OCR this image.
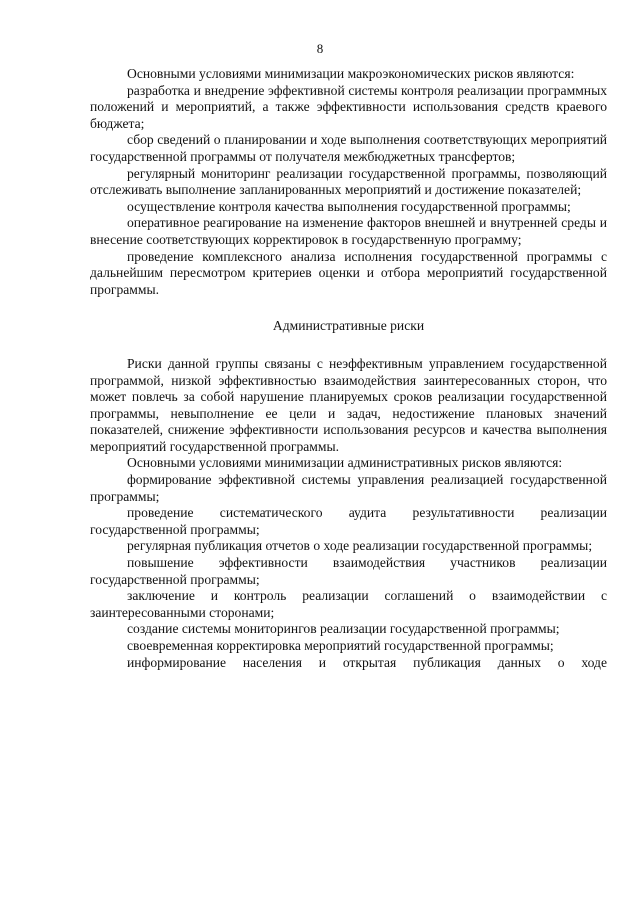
8

Основными условиями минимизации макроэкономических рисков являются:

разработка и внедрение эффективной системы контроля реализации программных положений и мероприятий, а также эффективности использования средств краевого бюджета;

сбор сведений о планировании и ходе выполнения соответствующих мероприятий государственной программы от получателя межбюджетных трансфертов;

регулярный мониторинг реализации государственной программы, позволяющий отслеживать выполнение запланированных мероприятий и достижение показателей;

осуществление контроля качества выполнения государственной программы;

оперативное реагирование на изменение факторов внешней и внутренней среды и внесение соответствующих корректировок в государственную программу;

проведение комплексного анализа исполнения государственной программы с дальнейшим пересмотром критериев оценки и отбора мероприятий государственной программы.

Административные риски

Риски данной группы связаны с неэффективным управлением государственной программой, низкой эффективностью взаимодействия заинтересованных сторон, что может повлечь за собой нарушение планируемых сроков реализации государственной программы, невыполнение ее цели и задач, недостижение плановых значений показателей, снижение эффективности использования ресурсов и качества выполнения мероприятий государственной программы.

Основными условиями минимизации административных рисков являются:

формирование эффективной системы управления реализацией государственной программы;

проведение систематического аудита результативности реализации государственной программы;

регулярная публикация отчетов о ходе реализации государственной программы;

повышение эффективности взаимодействия участников реализации государственной программы;

заключение и контроль реализации соглашений о взаимодействии с заинтересованными сторонами;

создание системы мониторингов реализации государственной программы;

своевременная корректировка мероприятий государственной программы;

информирование населения и открытая публикация данных о ходе
